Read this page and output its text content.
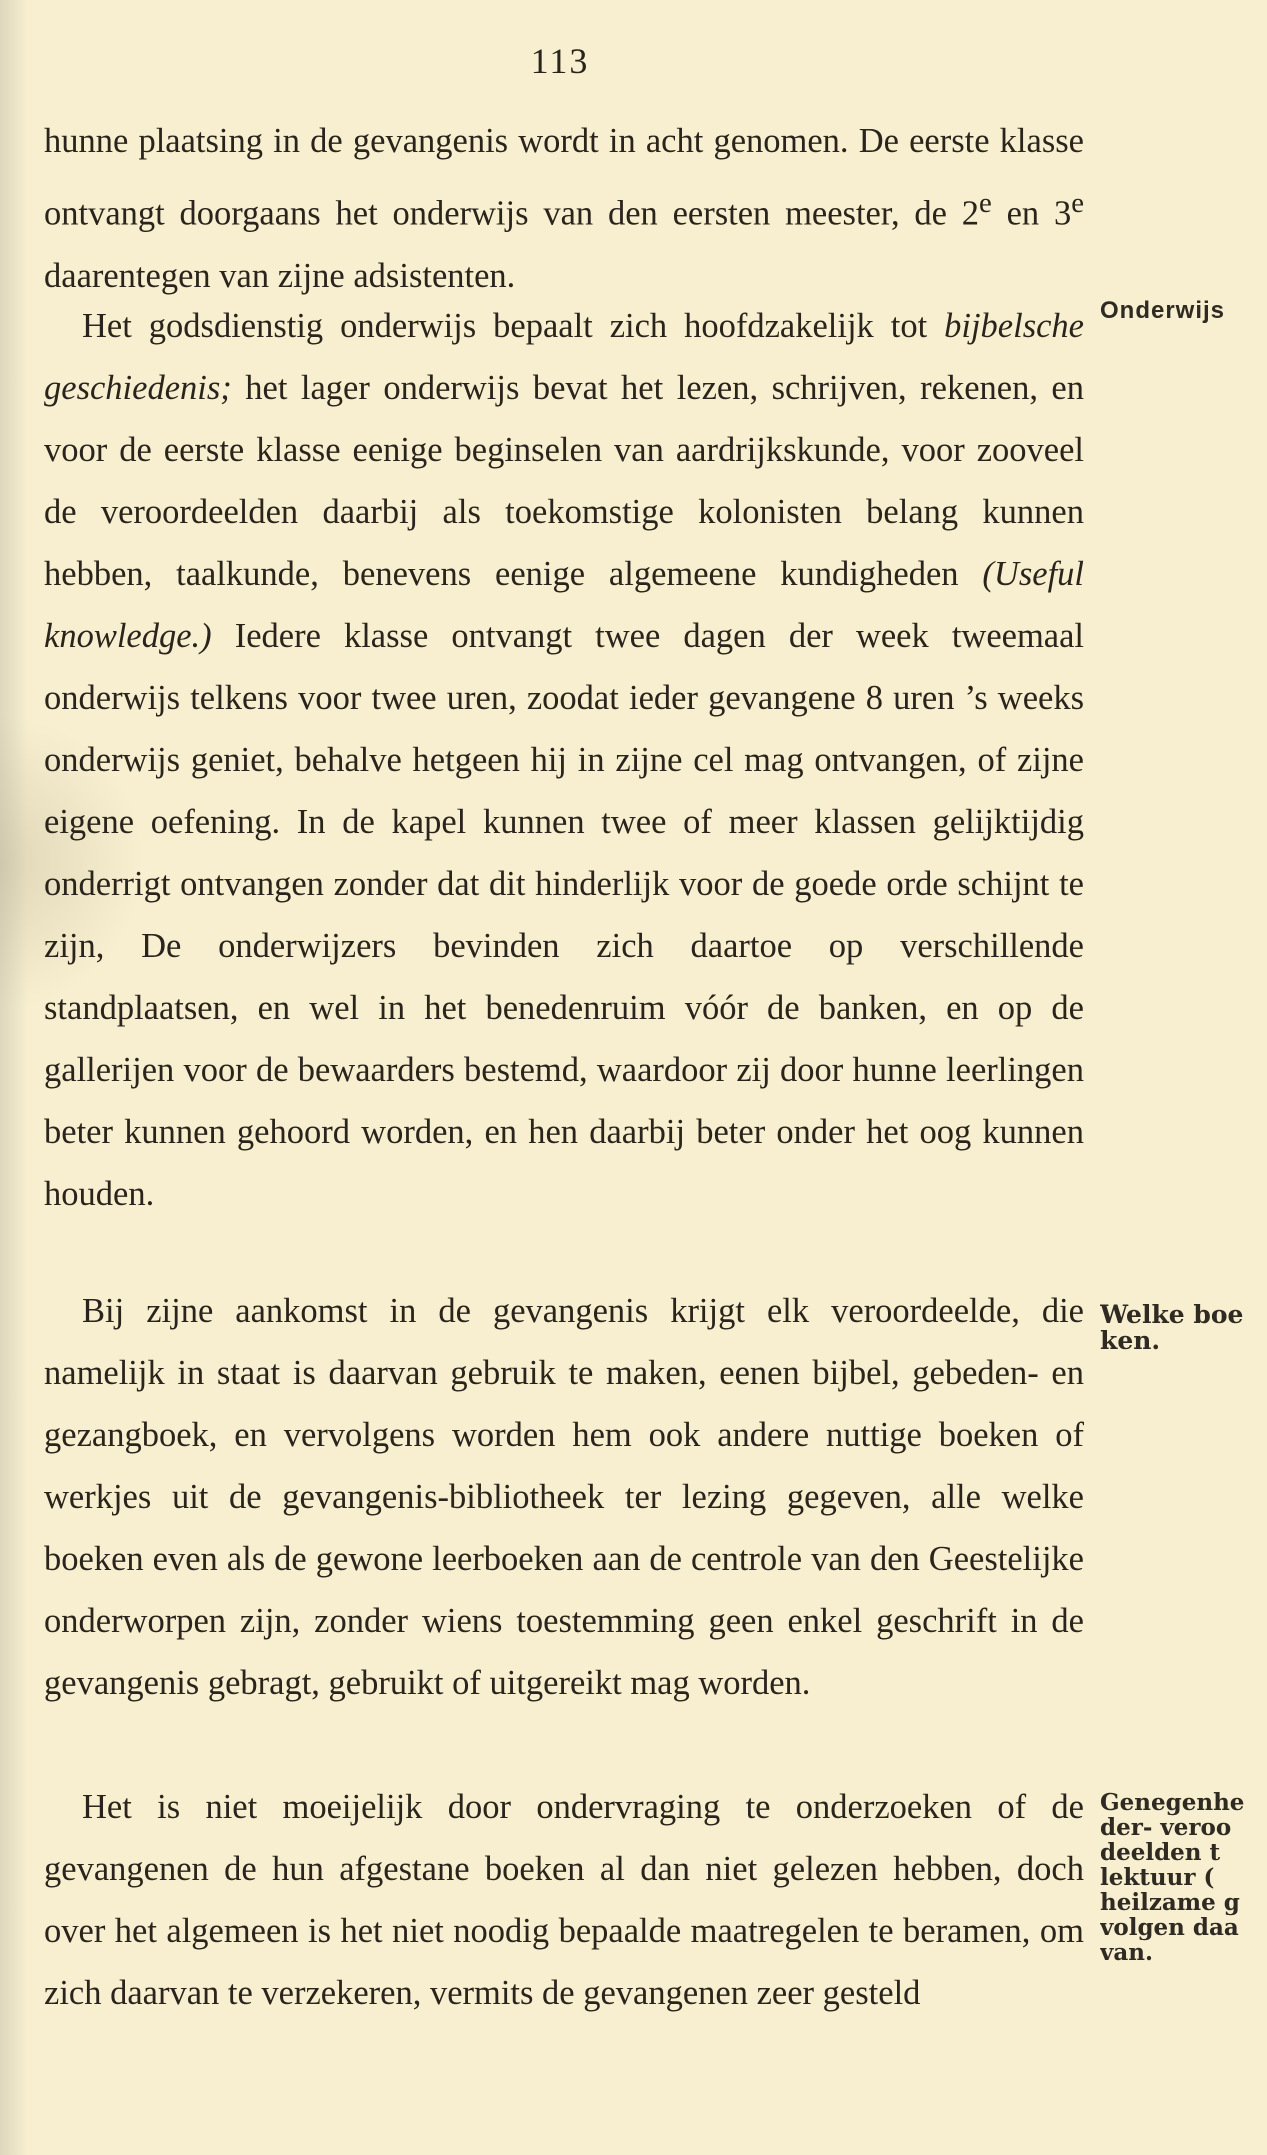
113

hunne plaatsing in de gevangenis wordt in acht genomen. De eerste klasse ontvangt doorgaans het onderwijs van den eersten meester, de 2e en 3e daarentegen van zijne adsistenten.

Het godsdienstig onderwijs bepaalt zich hoofdzakelijk tot bijbelsche geschiedenis; het lager onderwijs bevat het lezen, schrijven, rekenen, en voor de eerste klasse eenige beginselen van aardrijkskunde, voor zooveel de veroordeelden daarbij als toekomstige kolonisten belang kunnen hebben, taalkunde, benevens eenige algemeene kundigheden (Useful knowledge.) Iedere klasse ontvangt twee dagen der week tweemaal onderwijs telkens voor twee uren, zoodat ieder gevangene 8 uren ’s weeks onderwijs geniet, behalve hetgeen hij in zijne cel mag ontvangen, of zijne eigene oefening. In de kapel kunnen twee of meer klassen gelijktijdig onderrigt ontvangen zonder dat dit hinderlijk voor de goede orde schijnt te zijn, De onderwijzers bevinden zich daartoe op verschillende standplaatsen, en wel in het benedenruim vóór de banken, en op de gallerijen voor de bewaarders bestemd, waardoor zij door hunne leerlingen beter kunnen gehoord worden, en hen daarbij beter onder het oog kunnen houden.

Bij zijne aankomst in de gevangenis krijgt elk veroordeelde, die namelijk in staat is daarvan gebruik te maken, eenen bijbel, gebeden- en gezangboek, en vervolgens worden hem ook andere nuttige boeken of werkjes uit de gevangenis-bibliotheek ter lezing gegeven, alle welke boeken even als de gewone leerboeken aan de centrole van den Geestelijke onderworpen zijn, zonder wiens toestemming geen enkel geschrift in de gevangenis gebragt, gebruikt of uitgereikt mag worden.

Het is niet moeijelijk door ondervraging te onderzoeken of de gevangenen de hun afgestane boeken al dan niet gelezen hebben, doch over het algemeen is het niet noodig bepaalde maatregelen te beramen, om zich daarvan te verzekeren, vermits de gevangenen zeer gesteld

Onderwijs
Welke boe
ken.
Genegenhe
der- veroo
deelden t
lektuur (
heilzame g
volgen daa
van.
